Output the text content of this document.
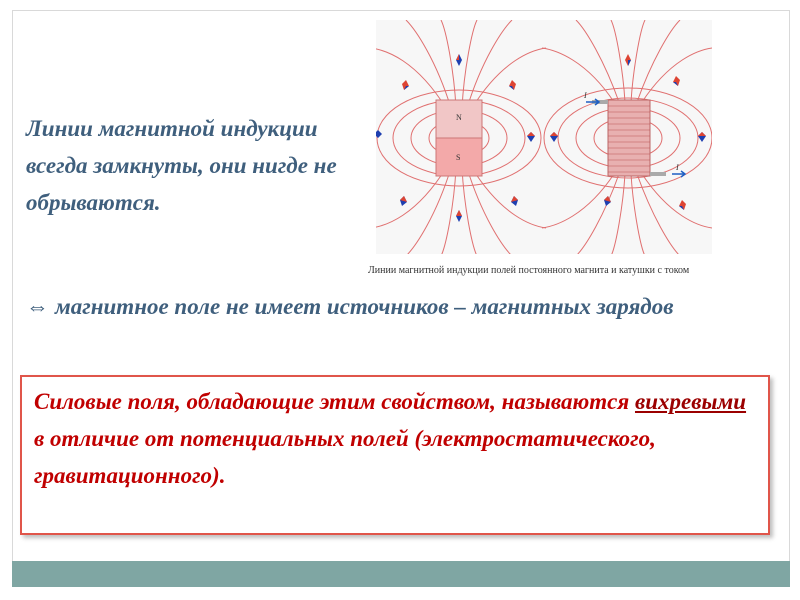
Линии магнитной индукции всегда замкнуты, они нигде не обрываются.
N
S
I
I
Линии магнитной индукции полей постоянного магнита и катушки с током
⇔ магнитное поле не имеет источников – магнитных зарядов
Силовые поля, обладающие этим свойством, называются вихревыми в отличие от потенциальных полей (электростатического, гравитационного).
